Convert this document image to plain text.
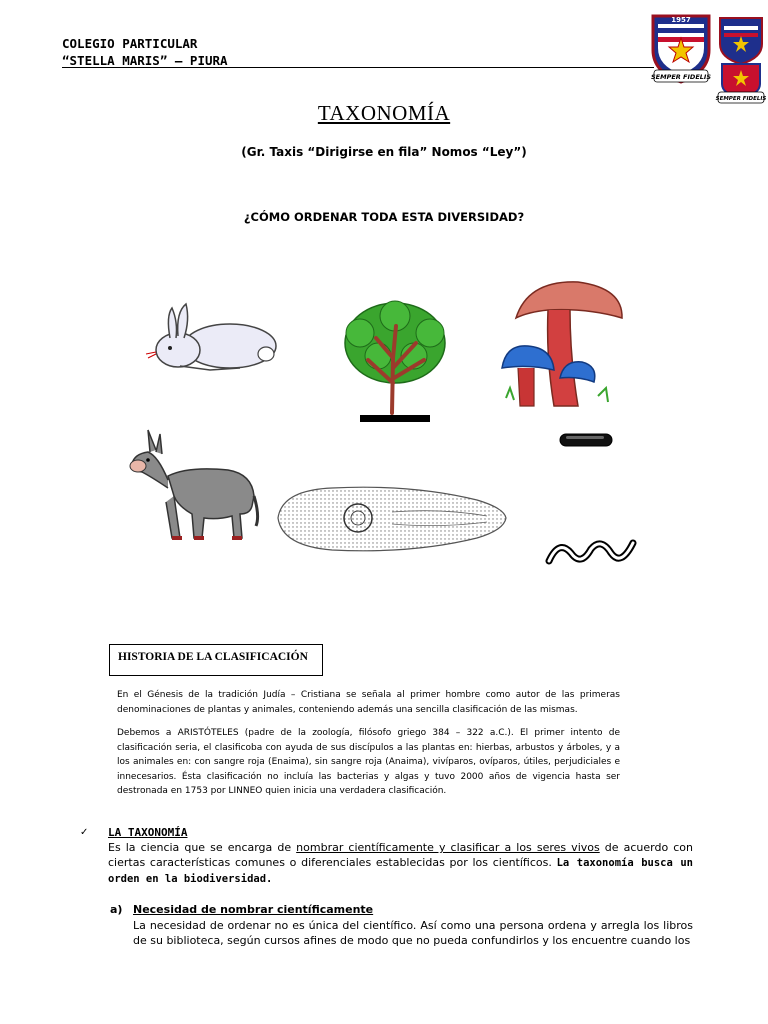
COLEGIO PARTICULAR
“STELLA MARIS” – PIURA
1957
SEMPER FIDELIS
SEMPER FIDELIS
TAXONOMÍA
(Gr. Taxis “Dirigirse en fila” Nomos “Ley”)
¿CÓMO ORDENAR TODA ESTA DIVERSIDAD?
HISTORIA DE LA CLASIFICACIÓN
En el Génesis de la tradición Judía – Cristiana se señala al primer hombre como autor de las primeras denominaciones de plantas y animales, conteniendo además una sencilla clasificación de las mismas.
Debemos a ARISTÓTELES (padre de la zoología, filósofo griego 384 – 322 a.C.). El primer intento de clasificación seria, el clasificoba con ayuda de sus discípulos a las plantas en: hierbas, arbustos y árboles, y a los animales en: con sangre roja (Enaima), sin sangre roja (Anaima), vivíparos, ovíparos, útiles, perjudiciales e innecesarios. Ésta clasificación no incluía las bacterias y algas y tuvo 2000 años de vigencia hasta ser destronada en 1753 por LINNEO quien inicia una verdadera clasificación.
✓ LA TAXONOMÍA
Es la ciencia que se encarga de nombrar científicamente y clasificar a los seres vivos de acuerdo con ciertas características comunes o diferenciales establecidas por los científicos. La taxonomía busca un orden en la biodiversidad.
a) Necesidad de nombrar científicamente
La necesidad de ordenar no es única del científico. Así como una persona ordena y arregla los libros de su biblioteca, según cursos afines de modo que no pueda confundirlos y los encuentre cuando los
